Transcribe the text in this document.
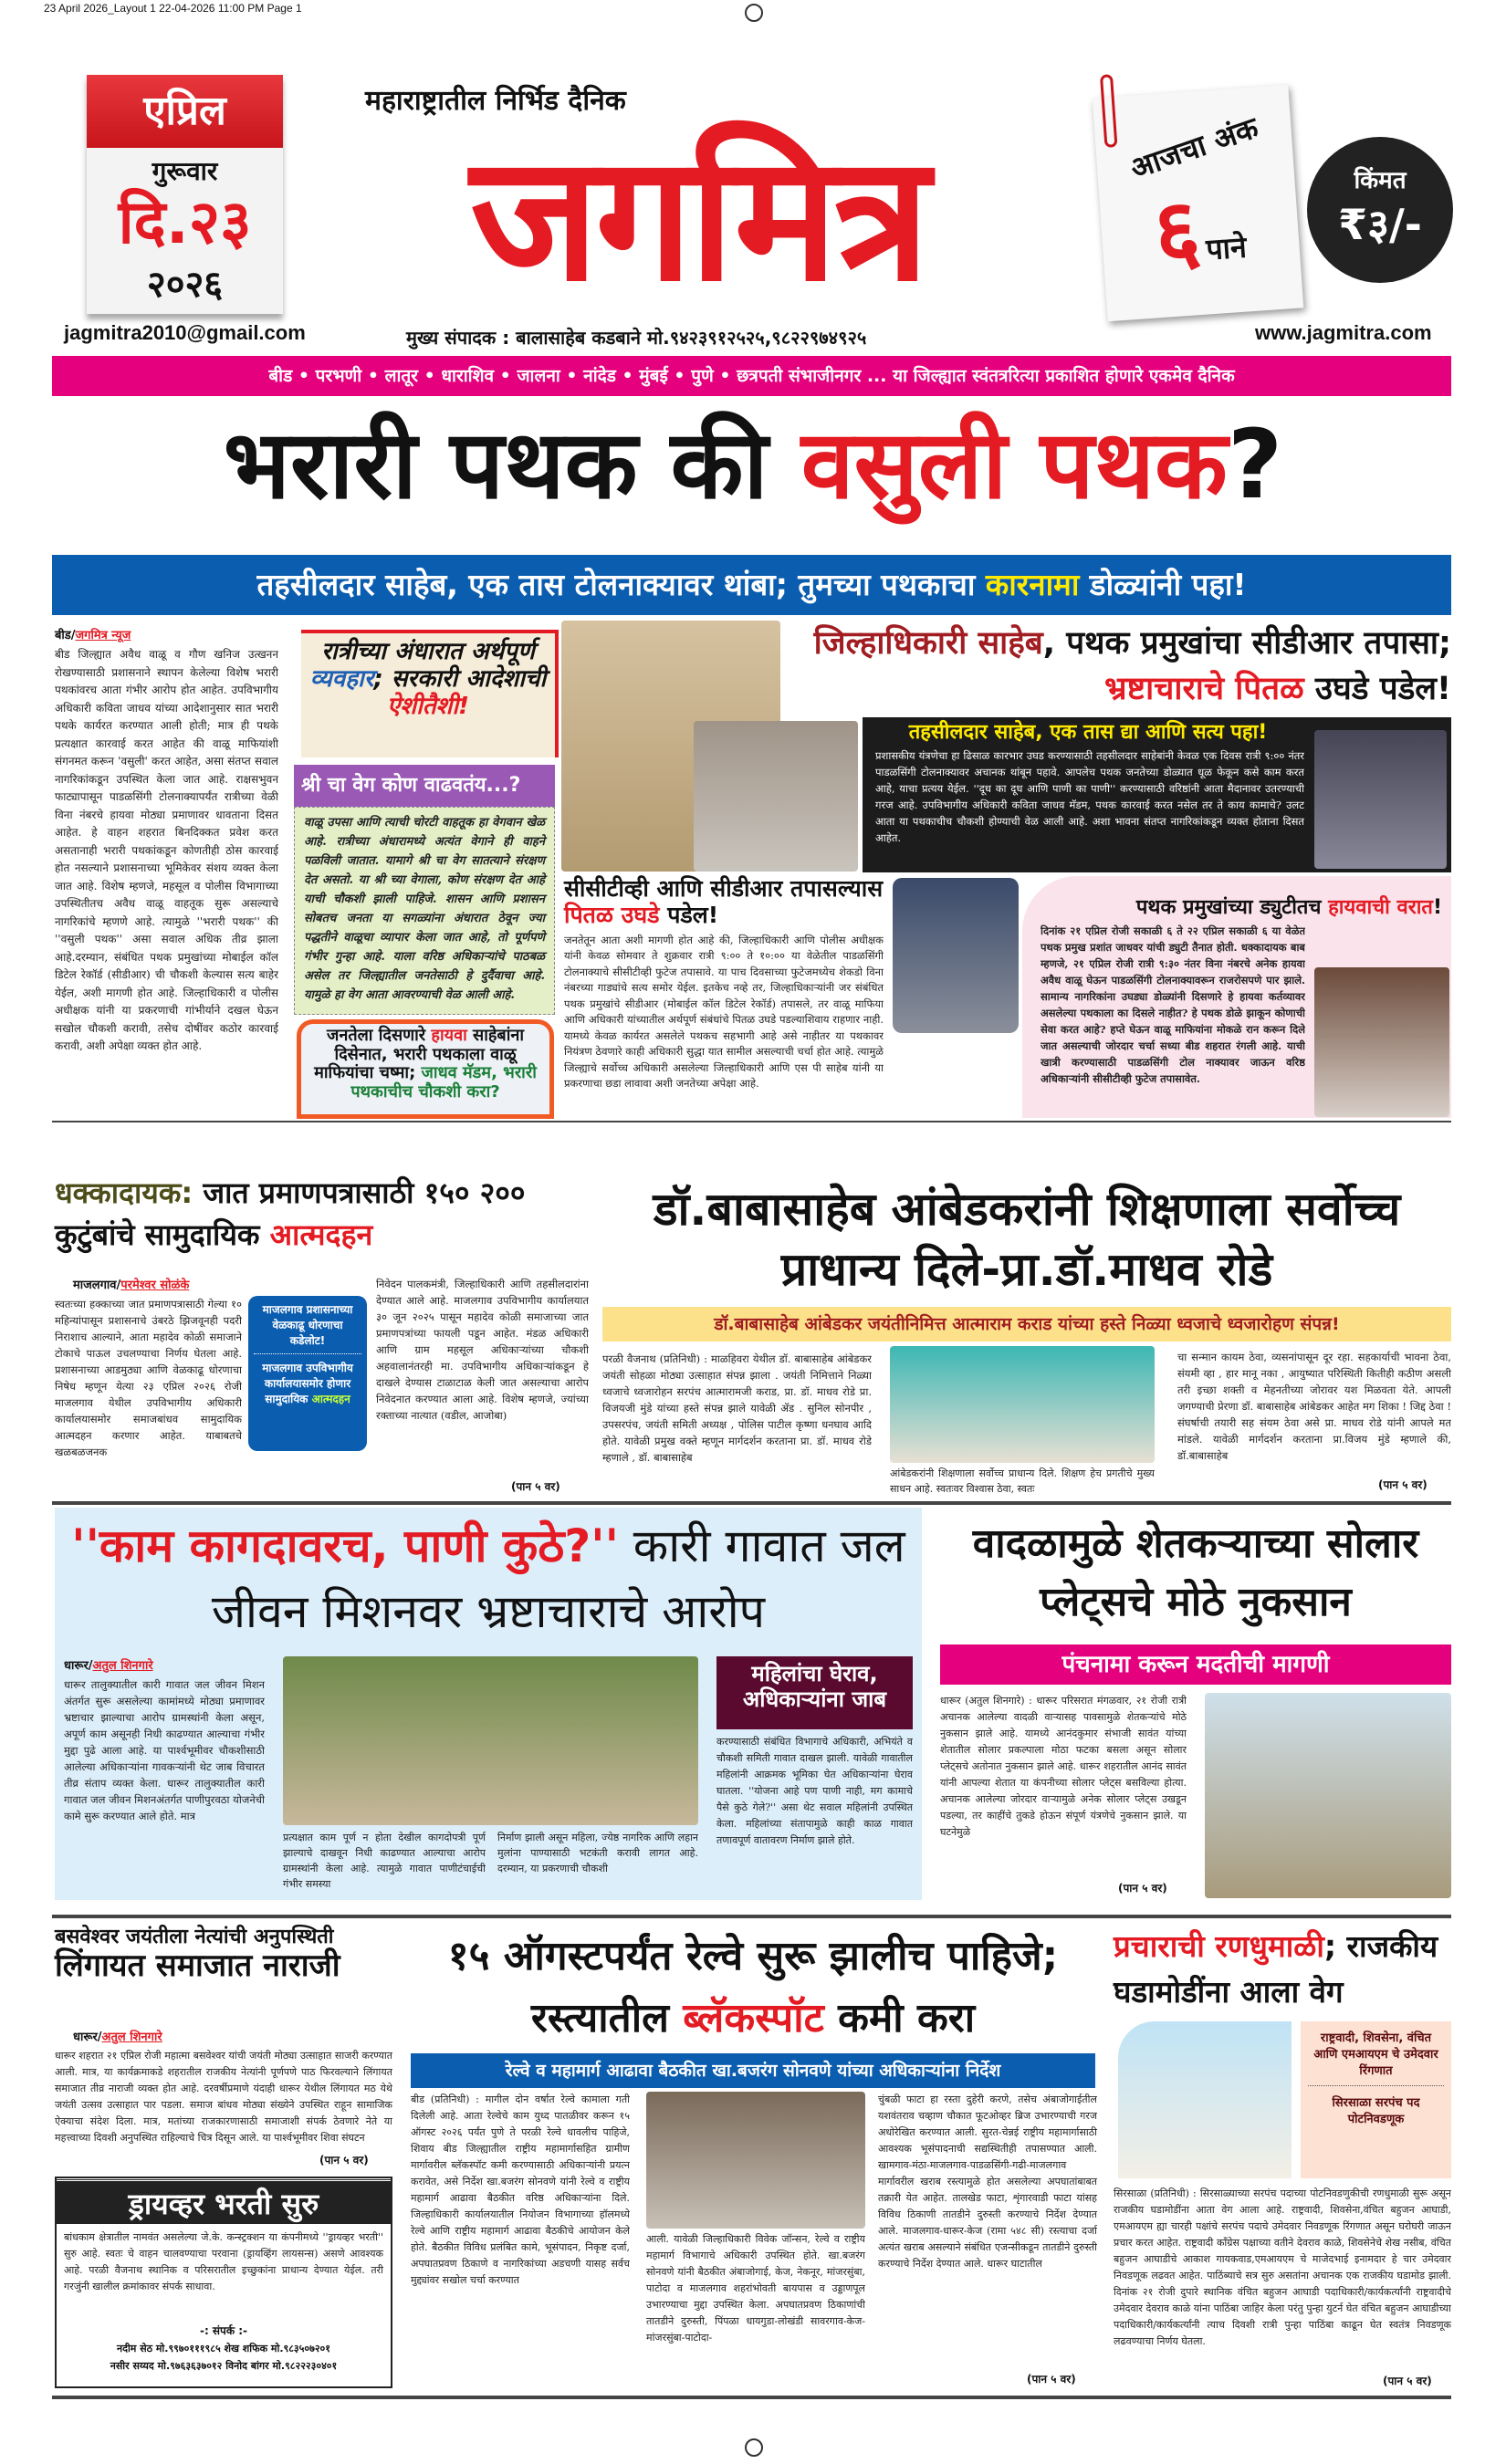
23 April 2026_Layout 1 22-04-2026 11:00 PM Page 1
एप्रिल
गुरूवार
दि.२३
२०२६
महाराष्ट्रातील निर्भिड दैनिक
जगमित्र	आजचा अंक
६ पाने
किंमत
₹३/-
jagmitra2010@gmail.com	मुख्य संपादक : बालासाहेब कडबाने मो.९४२३९१२५२५,९८२२९७४९२५	www.jagmitra.com
बीड • परभणी • लातूर • धाराशिव • जालना • नांदेड • मुंबई • पुणे • छत्रपती संभाजीनगर ... या जिल्ह्यात स्वंतत्ररित्या प्रकाशित होणारे एकमेव दैनिक
भरारी पथक की वसुली पथक?
तहसीलदार साहेब, एक तास टोलनाक्यावर थांबा; तुमच्या पथकाचा कारनामा डोळ्यांनी पहा!
बीड/जगमित्र न्यूज
बीड जिल्ह्यात अवैध वाळू व गौण खनिज उत्खनन रोखण्यासाठी प्रशासनाने स्थापन केलेल्या विशेष भरारी पथकांवरच आता गंभीर आरोप होत आहेत. उपविभागीय अधिकारी कविता जाधव यांच्या आदेशानुसार सात भरारी पथके कार्यरत करण्यात आली होती; मात्र ही पथके प्रत्यक्षात कारवाई करत आहेत की वाळू माफियांशी संगनमत करून 'वसुली' करत आहेत, असा संतप्त सवाल नागरिकांकडून उपस्थित केला जात आहे. राक्षसभुवन फाट्यापासून पाडळसिंगी टोलनाक्यापर्यंत रात्रीच्या वेळी विना नंबरचे हायवा मोठ्या प्रमाणावर धावताना दिसत आहेत. हे वाहन शहरात बिनदिक्कत प्रवेश करत असतानाही भरारी पथकांकडून कोणतीही ठोस कारवाई होत नसल्याने प्रशासनाच्या भूमिकेवर संशय व्यक्त केला जात आहे. विशेष म्हणजे, महसूल व पोलीस विभागाच्या उपस्थितीतच अवैध वाळू वाहतूक सुरू असल्याचे नागरिकांचे म्हणणे आहे. त्यामुळे ''भरारी पथक'' की ''वसुली पथक'' असा सवाल अधिक तीव्र झाला आहे.दरम्यान, संबंधित पथक प्रमुखांच्या मोबाईल कॉल डिटेल रेकॉर्ड (सीडीआर) ची चौकशी केल्यास सत्य बाहेर येईल, अशी मागणी होत आहे. जिल्हाधिकारी व पोलीस अधीक्षक यांनी या प्रकरणाची गांभीर्याने दखल घेऊन सखोल चौकशी करावी, तसेच दोषींवर कठोर कारवाई करावी, अशी अपेक्षा व्यक्त होत आहे.
रात्रीच्या अंधारात अर्थपूर्ण व्यवहार; सरकारी आदेशाची ऐशीतैशी!
श्री चा वेग कोण वाढवतंय...?
वाळू उपसा आणि त्याची चोरटी वाहतूक हा वेगवान खेळ आहे. रात्रीच्या अंधारामध्ये अत्यंत वेगाने ही वाहने पळविली जातात. यामागे श्री चा वेग सातत्याने संरक्षण देत असतो. या श्री च्या वेगाला, कोण संरक्षण देत आहे याची चौकशी झाली पाहिजे. शासन आणि प्रशासन सोबतच जनता या सगळ्यांना अंधारात ठेवून ज्या पद्धतीने वाळूचा व्यापार केला जात आहे, तो पूर्णपणे गंभीर गुन्हा आहे. याला वरिष्ठ अधिकाऱ्यांचे पाठबळ असेल तर जिल्ह्यातील जनतेसाठी हे दुर्दैवाचा आहे. यामुळे हा वेग आता आवरण्याची वेळ आली आहे.
जनतेला दिसणारे हायवा साहेबांना दिसेनात, भरारी पथकाला वाळू माफियांचा चष्मा; जाधव मॅडम, भरारी पथकाचीच चौकशी करा?
जिल्हाधिकारी साहेब, पथक प्रमुखांचा सीडीआर तपासा; भ्रष्टाचाराचे पितळ उघडे पडेल!
तहसीलदार साहेब, एक तास द्या आणि सत्य पहा!
प्रशासकीय यंत्रणेचा हा ढिसाळ कारभार उघड करण्यासाठी तहसीलदार साहेबांनी केवळ एक दिवस रात्री ९:०० नंतर पाडळसिंगी टोलनाक्यावर अचानक थांबून पहावे. आपलेच पथक जनतेच्या डोळ्यात धूळ फेकून कसे काम करत आहे, याचा प्रत्यय येईल. ''दूध का दूध आणि पाणी का पाणी'' करण्यासाठी वरिष्ठांनी आता मैदानावर उतरण्याची गरज आहे. उपविभागीय अधिकारी कविता जाधव मॅडम, पथक कारवाई करत नसेल तर ते काय कामाचे? उलट आता या पथकाचीच चौकशी होण्याची वेळ आली आहे. अशा भावना संतप्त नागरिकांकडून व्यक्त होताना दिसत आहेत.
सीसीटीव्ही आणि सीडीआर तपासल्यास पितळ उघडे पडेल!
जनतेतून आता अशी मागणी होत आहे की, जिल्हाधिकारी आणि पोलीस अधीक्षक यांनी केवळ सोमवार ते शुक्रवार रात्री ९:०० ते १०:०० या वेळेतील पाडळसिंगी टोलनाक्याचे सीसीटीव्ही फुटेज तपासावे. या पाच दिवसाच्या फुटेजमध्येच शेकडो विना नंबरच्या गाड्यांचे सत्य समोर येईल. इतकेच नव्हे तर, जिल्हाधिकाऱ्यांनी जर संबंधित पथक प्रमुखांचे सीडीआर (मोबाईल कॉल डिटेल रेकॉर्ड) तपासले, तर वाळू माफिया आणि अधिकारी यांच्यातील अर्थपूर्ण संबंधांचे पितळ उघडे पडल्याशिवाय राहणार नाही. यामध्ये केवळ कार्यरत असलेले पथकच सहभागी आहे असे नाहीतर या पथकावर नियंत्रण ठेवणारे काही अधिकारी सुद्धा यात सामील असल्याची चर्चा होत आहे. त्यामुळे जिल्ह्याचे सर्वोच्च अधिकारी असलेल्या जिल्हाधिकारी आणि एस पी साहेब यांनी या प्रकरणाचा छडा लावावा अशी जनतेच्या अपेक्षा आहे.
पथक प्रमुखांच्या ड्युटीतच हायवाची वरात!
दिनांक २१ एप्रिल रोजी सकाळी ६ ते २२ एप्रिल सकाळी ६ या वेळेत पथक प्रमुख प्रशांत जाधवर यांची ड्युटी तैनात होती. धक्कादायक बाब म्हणजे, २१ एप्रिल रोजी रात्री ९:३० नंतर विना नंबरचे अनेक हायवा अवैध वाळू घेऊन पाडळसिंगी टोलनाक्यावरून राजरोसपणे पार झाले. सामान्य नागरिकांना उघड्या डोळ्यांनी दिसणारे हे हायवा कर्तव्यावर असलेल्या पथकाला का दिसले नाहीत? हे पथक डोळे झाकून कोणाची सेवा करत आहे? हप्ते घेऊन वाळू माफियांना मोकळे रान करून दिले जात असल्याची जोरदार चर्चा सध्या बीड शहरात रंगली आहे. याची खात्री करण्यासाठी पाडळसिंगी टोल नाक्यावर जाऊन वरिष्ठ अधिकाऱ्यांनी सीसीटीव्ही फुटेज तपासावेत.
धक्कादायक: जात प्रमाणपत्रासाठी १५० २०० कुटुंबांचे सामुदायिक आत्मदहन
माजलगाव/परमेश्वर सोळंके
स्वतःच्या हक्काच्या जात प्रमाणपत्रासाठी गेल्या १० महिन्यांपासून प्रशासनाचे उंबरठे झिजवूनही पदरी निराशाच आल्याने, आता महादेव कोळी समाजाने टोकाचे पाऊल उचलण्याचा निर्णय घेतला आहे. प्रशासनाच्या आडमुठ्या आणि वेळकाढू धोरणाचा निषेध म्हणून येत्या २३ एप्रिल २०२६ रोजी माजलगाव येथील उपविभागीय अधिकारी कार्यालयासमोर समाजबांधव सामुदायिक आत्मदहन करणार आहेत. याबाबतचे खळबळजनक
माजलगाव प्रशासनाच्या वेळकाढू धोरणाचा कडेलोट!
माजलगाव उपविभागीय कार्यालयासमोर होणार सामुदायिक आत्मदहन
निवेदन पालकमंत्री, जिल्हाधिकारी आणि तहसीलदारांना देण्यात आले आहे. माजलगाव उपविभागीय कार्यालयात ३० जून २०२५ पासून महादेव कोळी समाजाच्या जात प्रमाणपत्रांच्या फायली पडून आहेत. मंडळ अधिकारी आणि ग्राम महसूल अधिकाऱ्यांच्या चौकशी अहवालानंतरही मा. उपविभागीय अधिकाऱ्यांकडून हे दाखले देण्यास टाळाटाळ केली जात असल्याचा आरोप निवेदनात करण्यात आला आहे. विशेष म्हणजे, ज्यांच्या रक्ताच्या नात्यात (वडील, आजोबा)
(पान ५ वर)
डॉ.बाबासाहेब आंबेडकरांनी शिक्षणाला सर्वोच्च प्राधान्य दिले-प्रा.डॉ.माधव रोडे
डॉ.बाबासाहेब आंबेडकर जयंतीनिमित्त आत्माराम कराड यांच्या हस्ते निळ्या ध्वजाचे ध्वजारोहण संपन्न!
परळी वैजनाथ (प्रतिनिधी) : माळहिवरा येथील डॉ. बाबासाहेब आंबेडकर जयंती सोहळा मोठ्या उत्साहात संपन्न झाला . जयंती निमित्ताने निळ्या ध्वजाचे ध्वजारोहन सरपंच आत्मारामजी कराड, प्रा. डॉ. माधव रोडे प्रा. विजयजी मुंडे यांच्या हस्ते संपन्न झाले यावेळी ॲड . सुनिल सोनपीर , उपसरपंच, जयंती समिती अध्यक्ष , पोलिस पाटील कृष्णा धनघाव आदि होते. यावेळी प्रमुख वक्ते म्हणून मार्गदर्शन करताना प्रा. डॉ. माधव रोडे म्हणाले , डॉ. बाबासाहेब
आंबेडकरांनी शिक्षणाला सर्वोच्च प्राधान्य दिले. शिक्षण हेच प्रगतीचे मुख्य साधन आहे. स्वतःवर विश्वास ठेवा, स्वतः
चा सन्मान कायम ठेवा, व्यसनांपासून दूर रहा. सहकार्याची भावना ठेवा, संयमी व्हा , हार मानू नका , आयुष्यात परिस्थिती कितीही कठीण असली तरी इच्छा शक्ती व मेहनतीच्या जोरावर यश मिळवता येते. आपली जगण्याची प्रेरणा डॉ. बाबासाहेब आंबेडकर आहेत मग शिका ! जिद्द ठेवा ! संघर्षाची तयारी सह संयम ठेवा असे प्रा. माधव रोडे यांनी आपले मत मांडले. यावेळी मार्गदर्शन करताना प्रा.विजय मुंडे म्हणाले की, डॉ.बाबासाहेब
(पान ५ वर)
''काम कागदावरच, पाणी कुठे?'' कारी गावात जल जीवन मिशनवर भ्रष्टाचाराचे आरोप
धारूर/अतुल शिनगारे
धारूर तालुक्यातील कारी गावात जल जीवन मिशन अंतर्गत सुरू असलेल्या कामांमध्ये मोठ्या प्रमाणावर भ्रष्टाचार झाल्याचा आरोप ग्रामस्थांनी केला असून, अपूर्ण काम असूनही निधी काढण्यात आल्याचा गंभीर मुद्दा पुढे आला आहे. या पार्श्वभूमीवर चौकशीसाठी आलेल्या अधिकाऱ्यांना गावकऱ्यांनी थेट जाब विचारत तीव्र संताप व्यक्त केला. धारूर तालुक्यातील कारी गावात जल जीवन मिशनअंतर्गत पाणीपुरवठा योजनेची कामे सुरू करण्यात आले होते. मात्र
प्रत्यक्षात काम पूर्ण न होता देखील कागदोपत्री पूर्ण झाल्याचे दाखवून निधी काढण्यात आल्याचा आरोप ग्रामस्थांनी केला आहे. त्यामुळे गावात पाणीटंचाईची गंभीर समस्या
निर्माण झाली असून महिला, ज्येष्ठ नागरिक आणि लहान मुलांना पाण्यासाठी भटकंती करावी लागत आहे. दरम्यान, या प्रकरणाची चौकशी
महिलांचा घेराव, अधिकाऱ्यांना जाब
करण्यासाठी संबंधित विभागाचे अधिकारी, अभियंते व चौकशी समिती गावात दाखल झाली. यावेळी गावातील महिलांनी आक्रमक भूमिका घेत अधिकाऱ्यांना घेराव घातला. ''योजना आहे पण पाणी नाही, मग कामाचे पैसे कुठे गेले?'' असा थेट सवाल महिलांनी उपस्थित केला. महिलांच्या संतापामुळे काही काळ गावात तणावपूर्ण वातावरण निर्माण झाले होते.
वादळामुळे शेतकऱ्याच्या सोलार प्लेट्सचे मोठे नुकसान
पंचनामा करून मदतीची मागणी
धारूर (अतुल शिनगारे) : धारूर परिसरात मंगळवार, २१ रोजी रात्री अचानक आलेल्या वादळी वाऱ्यासह पावसामुळे शेतकऱ्यांचे मोठे नुकसान झाले आहे. यामध्ये आनंदकुमार संभाजी सावंत यांच्या शेतातील सोलार प्रकल्पाला मोठा फटका बसला असून सोलार प्लेट्सचे अतोनात नुकसान झाले आहे. धारूर शहरातील आनंद सावंत यांनी आपल्या शेतात या कंपनीच्या सोलार प्लेट्स बसविल्या होत्या. अचानक आलेल्या जोरदार वाऱ्यामुळे अनेक सोलार प्लेट्स उखडून पडल्या, तर काहींचे तुकडे होऊन संपूर्ण यंत्रणेचे नुकसान झाले. या घटनेमुळे
(पान ५ वर)
बसवेश्वर जयंतीला नेत्यांची अनुपस्थिती
लिंगायत समाजात नाराजी
धारूर/अतुल शिनगारे
धारूर शहरात २१ एप्रिल रोजी महात्मा बसवेश्वर यांची जयंती मोठ्या उत्साहात साजरी करण्यात आली. मात्र, या कार्यक्रमाकडे शहरातील राजकीय नेत्यांनी पूर्णपणे पाठ फिरवल्याने लिंगायत समाजात तीव्र नाराजी व्यक्त होत आहे. दरवर्षीप्रमाणे यंदाही धारूर येथील लिंगायत मठ येथे जयंती उत्सव उत्साहात पार पडला. समाज बांधव मोठ्या संख्येने उपस्थित राहून सामाजिक ऐक्याचा संदेश दिला. मात्र, मतांच्या राजकारणासाठी समाजाशी संपर्क ठेवणारे नेते या महत्त्वाच्या दिवशी अनुपस्थित राहिल्याचे चित्र दिसून आले. या पार्श्वभूमीवर शिवा संघटन
(पान ५ वर)
ड्रायव्हर भरती सुरु
बांधकाम क्षेत्रातील नामवंत असलेल्या जे.के. कन्स्ट्रक्शन या कंपनीमध्ये ''ड्रायव्हर भरती'' सुरु आहे. स्वतः चे वाहन चालवण्याचा परवाना (ड्रायव्हिंग लायसन्स) असणे आवश्यक आहे. परळी वैजनाथ स्थानिक व परिसरातील इच्छुकांना प्राधान्य देण्यात येईल. तरी गरजुंनी खालील क्रमांकावर संपर्क साधावा.
-: संपर्क :-
नदीम सेठ मो.९९७०१११९८५ शेख शफिक मो.९८३५०७२०१
नसीर सय्यद मो.९७६३६३७०१२ विनोद बांगर मो.९८२२२३०४०१
१५ ऑगस्टपर्यंत रेल्वे सुरू झालीच पाहिजे; रस्त्यातील ब्लॅकस्पॉट कमी करा
रेल्वे व महामार्ग आढावा बैठकीत खा.बजरंग सोनवणे यांच्या अधिकाऱ्यांना निर्देश
बीड (प्रतिनिधी) : मागील दोन वर्षात रेल्वे कामाला गती दिलेली आहे. आता रेल्वेचे काम युध्द पातळीवर करून १५ ऑगस्ट २०२६ पर्यंत पुणे ते परळी रेल्वे धावलीच पाहिजे, शिवाय बीड जिल्ह्यातील राष्ट्रीय महामार्गासहित ग्रामीण मार्गावरील ब्लॅकस्पॉट कमी करण्यासाठी अधिकाऱ्यांनी प्रयत्न करावेत, असे निर्देश खा.बजरंग सोनवणे यांनी रेल्वे व राष्ट्रीय महामार्ग आढावा बैठकीत वरिष्ठ अधिकाऱ्यांना दिले. जिल्हाधिकारी कार्यालयातील नियोजन विभागाच्या हॉलमध्ये रेल्वे आणि राष्ट्रीय महामार्ग आढावा बैठकीचे आयोजन केले होते. बैठकीत विविध प्रलंबित कामे, भूसंपादन, निकृष्ट दर्जा, अपघातप्रवण ठिकाणे व नागरिकांच्या अडचणी यासह सर्वच मुद्द्यांवर सखोल चर्चा करण्यात
आली. यावेळी जिल्हाधिकारी विवेक जॉन्सन, रेल्वे व राष्ट्रीय महामार्ग विभागाचे अधिकारी उपस्थित होते. खा.बजरंग सोनवणे यांनी बैठकीत अंबाजोगाई, केज, नेकनूर, मांजरसुंबा, पाटोदा व माजलगाव शहरांभोवती बायपास व उड्डाणपूल उभारण्याचा मुद्दा उपस्थित केला. अपघातप्रवण ठिकाणांची तातडीने दुरुस्ती, पिंपळा धायगुडा-लोखंडी सावरगाव-केज-मांजरसुंबा-पाटोदा-
चुंबळी फाटा हा रस्ता दुहेरी करणे, तसेच अंबाजोगाईतील यशवंतराव चव्हाण चौकात फूटओव्हर ब्रिज उभारण्याची गरज अधोरेखित करण्यात आली. सुरत-चेन्नई राष्ट्रीय महामार्गासाठी आवश्यक भूसंपादनाची सद्यस्थितीही तपासण्यात आली. खामगाव-मंठा-माजलगाव-पाडळसिंगी-गढी-माजलगाव मार्गावरील खराब रस्त्यामुळे होत असलेल्या अपघातांबाबत तक्रारी येत आहेत. तालखेड फाटा, शृंगारवाडी फाटा यांसह विविध ठिकाणी तातडीने दुरुस्ती करण्याचे निर्देश देण्यात आले. माजलगाव-धारूर-केज (रामा ५४८ सी) रस्त्याचा दर्जा अत्यंत खराब असल्याने संबंधित एजन्सीकडून तातडीने दुरुस्ती करण्याचे निर्देश देण्यात आले. धारूर घाटातील
(पान ५ वर)
प्रचाराची रणधुमाळी; राजकीय घडामोडींना आला वेग
राष्ट्रवादी, शिवसेना, वंचित आणि एमआयएम चे उमेदवार रिंगणात
सिरसाळा सरपंच पद पोटनिवडणूक
सिरसाळा (प्रतिनिधी) : सिरसाळ्याच्या सरपंच पदाच्या पोटनिवडणुकीची रणधुमाळी सुरू असून राजकीय घडामोडींना आता वेग आला आहे. राष्ट्रवादी, शिवसेना,वंचित बहुजन आघाडी, एमआयएम ह्या चारही पक्षांचे सरपंच पदाचे उमेदवार निवडणूक रिंगणात असून घरोघरी जाऊन प्रचार करत आहेत. राष्ट्रवादी कॉंग्रेस पक्षाच्या वतीने देवराव काळे, शिवसेनेचे शेख नसीब, वंचित बहुजन आघाडीचे आकाश गायकवाड,एमआयएम चे माजेदभाई इनामदार हे चार उमेदवार निवडणूक लढवत आहेत. पाठिंब्याचे सत्र सुरु असतांना अचानक एक राजकीय घडामोड झाली. दिनांक २१ रोजी दुपारे स्थानिक वंचित बहुजन आघाडी पदाधिकारी/कार्यकर्त्यांनी राष्ट्रवादीचे उमेदवार देवराव काळे यांना पाठिंबा जाहिर केला परंतु पुन्हा युटर्न घेत वंचित बहुजन आघाडीच्या पदाधिकारी/कार्यकर्त्यांनी त्याच दिवशी रात्री पुन्हा पाठिंबा काढून घेत स्वतंत्र निवडणूक लढवण्याचा निर्णय घेतला.
(पान ५ वर)
